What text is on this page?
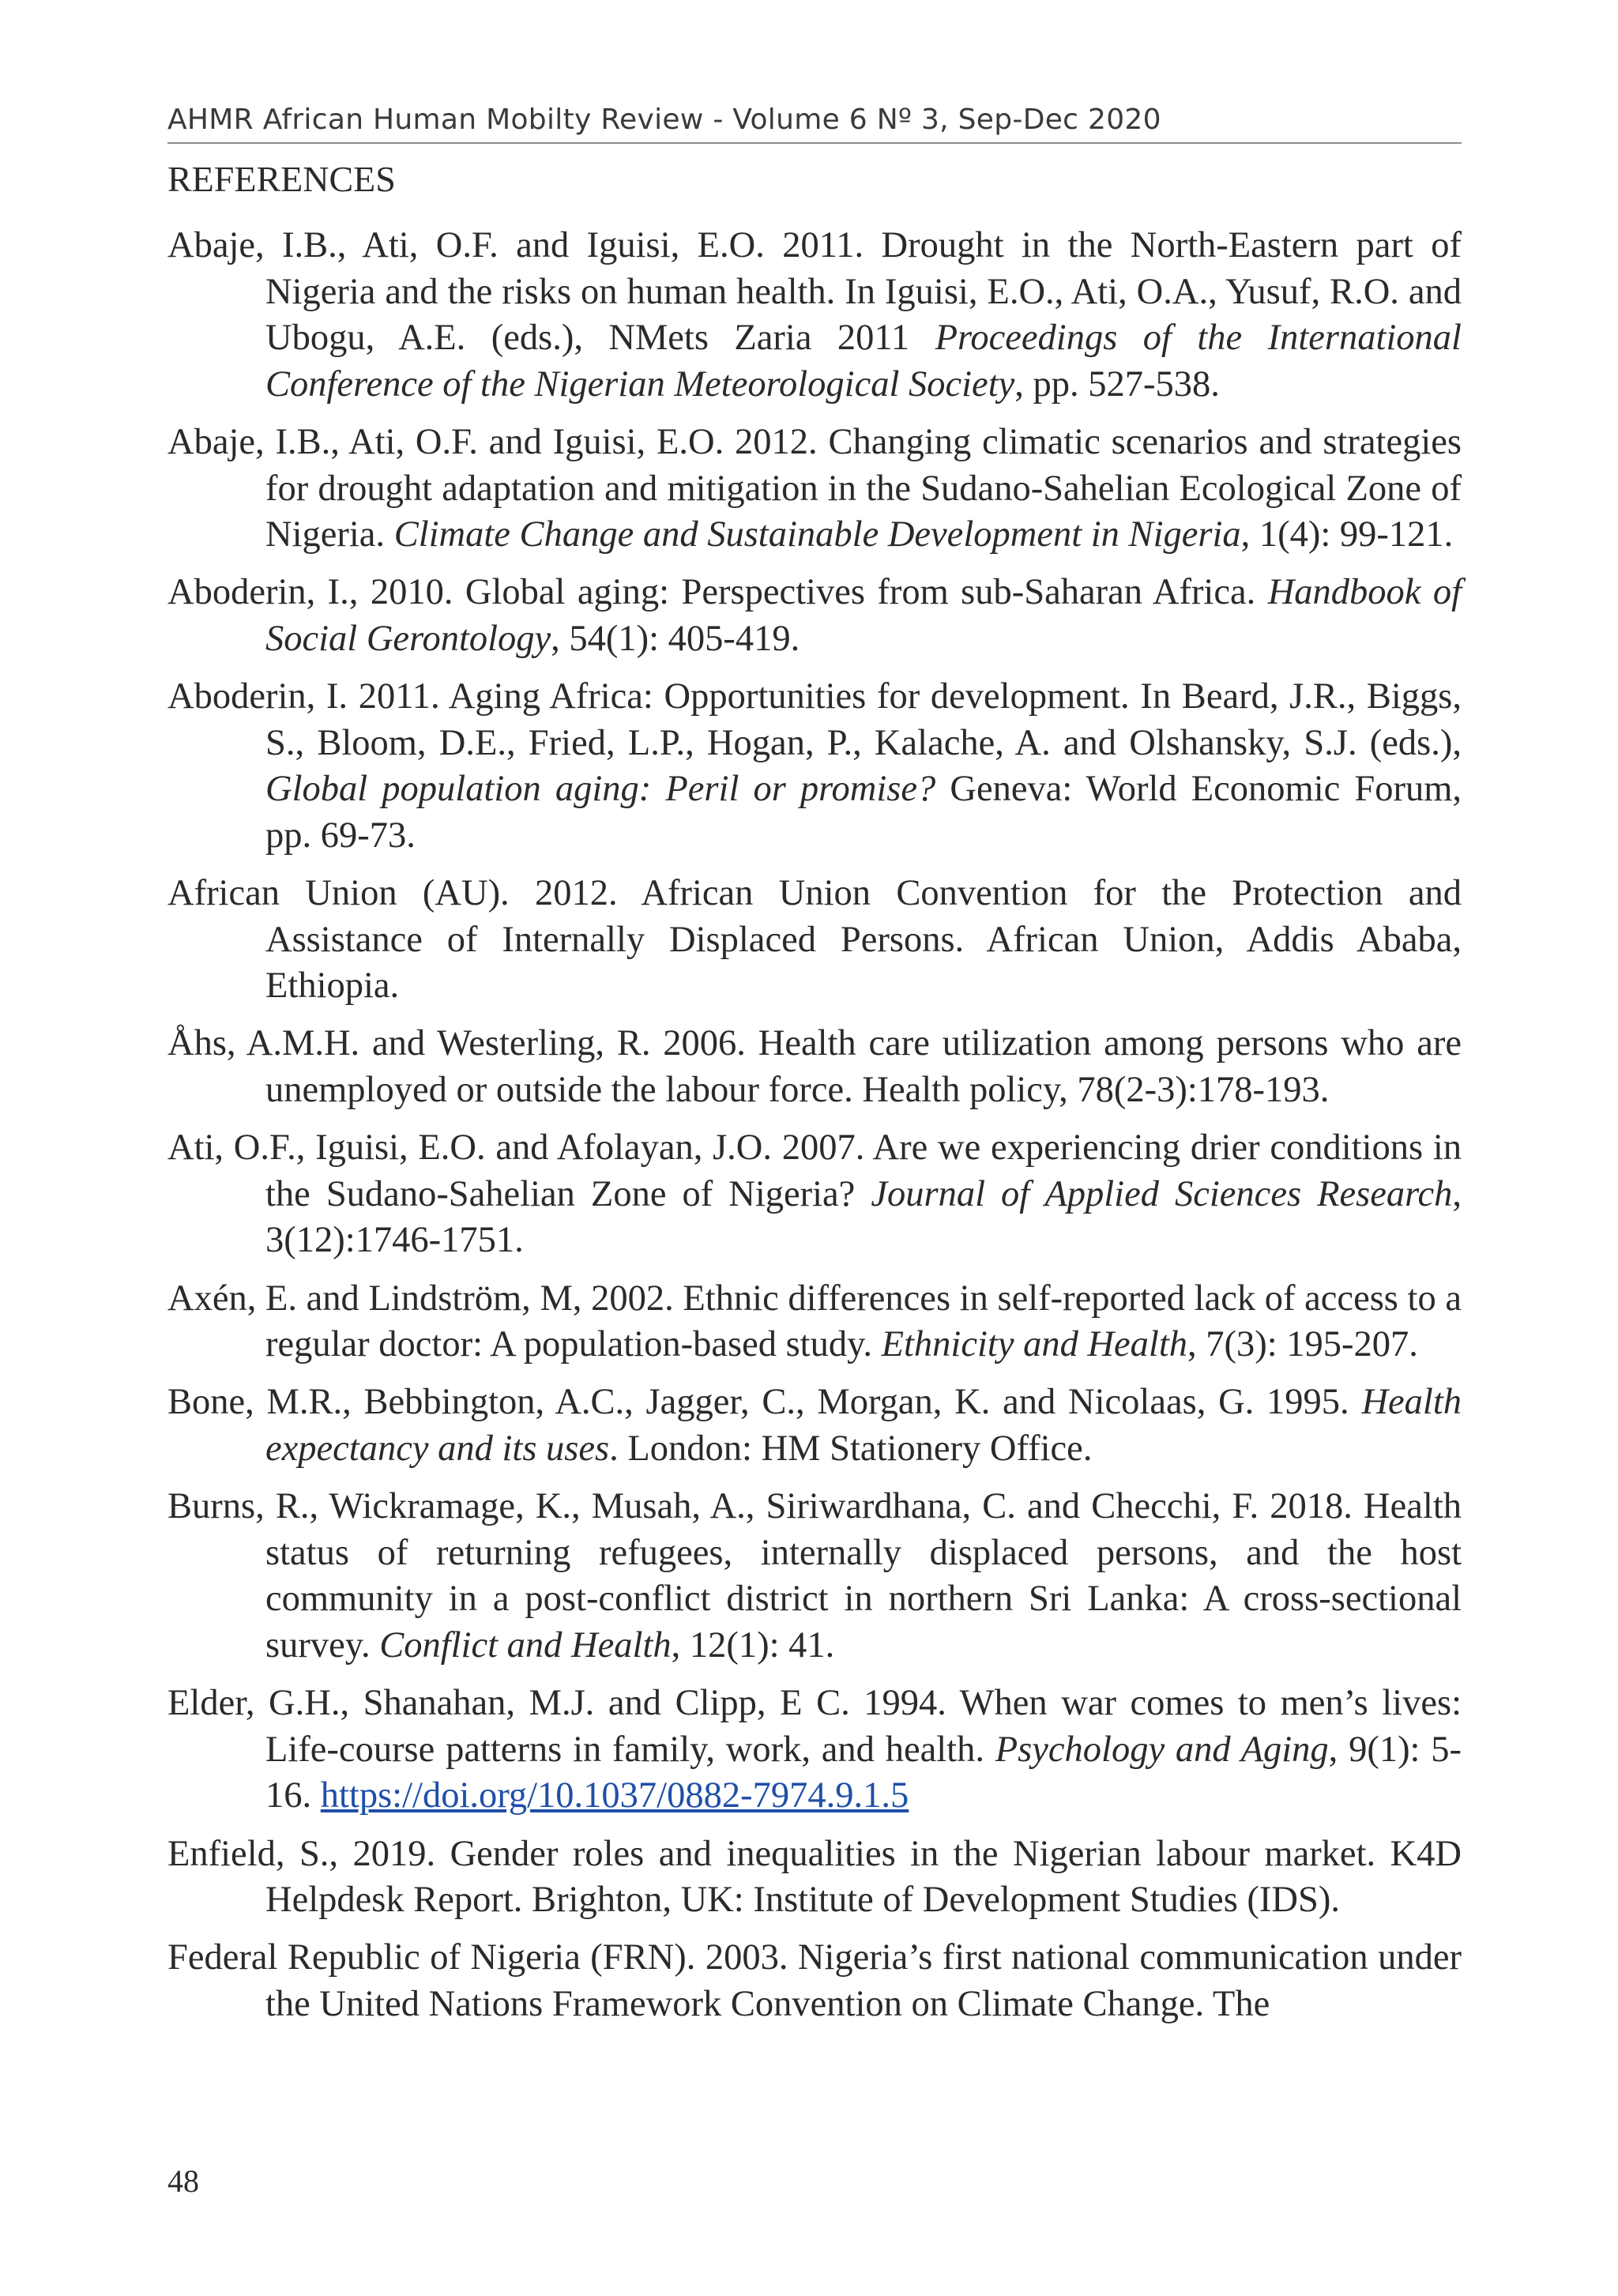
AHMR African Human Mobilty Review - Volume 6 Nº 3, Sep-Dec 2020
REFERENCES

Abaje, I.B., Ati, O.F. and Iguisi, E.O. 2011. Drought in the North-Eastern part of Nigeria and the risks on human health. In Iguisi, E.O., Ati, O.A., Yusuf, R.O. and Ubogu, A.E. (eds.), NMets Zaria 2011 Proceedings of the International Conference of the Nigerian Meteorological Society, pp. 527-538.

Abaje, I.B., Ati, O.F. and Iguisi, E.O. 2012. Changing climatic scenarios and strategies for drought adaptation and mitigation in the Sudano-Sahelian Ecological Zone of Nigeria. Climate Change and Sustainable Development in Nigeria, 1(4): 99-121.

Aboderin, I., 2010. Global aging: Perspectives from sub-Saharan Africa. Handbook of Social Gerontology, 54(1): 405-419.

Aboderin, I. 2011. Aging Africa: Opportunities for development. In Beard, J.R., Biggs, S., Bloom, D.E., Fried, L.P., Hogan, P., Kalache, A. and Olshansky, S.J. (eds.), Global population aging: Peril or promise? Geneva: World Economic Forum, pp. 69-73.

African Union (AU). 2012. African Union Convention for the Protection and Assistance of Internally Displaced Persons. African Union, Addis Ababa, Ethiopia.

Åhs, A.M.H. and Westerling, R. 2006. Health care utilization among persons who are unemployed or outside the labour force. Health policy, 78(2-3):178-193.

Ati, O.F., Iguisi, E.O. and Afolayan, J.O. 2007. Are we experiencing drier conditions in the Sudano-Sahelian Zone of Nigeria? Journal of Applied Sciences Research, 3(12):1746-1751.

Axén, E. and Lindström, M, 2002. Ethnic differences in self-reported lack of access to a regular doctor: A population-based study. Ethnicity and Health, 7(3): 195-207.

Bone, M.R., Bebbington, A.C., Jagger, C., Morgan, K. and Nicolaas, G. 1995. Health expectancy and its uses. London: HM Stationery Office.

Burns, R., Wickramage, K., Musah, A., Siriwardhana, C. and Checchi, F. 2018. Health status of returning refugees, internally displaced persons, and the host community in a post-conflict district in northern Sri Lanka: A cross-sectional survey. Conflict and Health, 12(1): 41.

Elder, G.H., Shanahan, M.J. and Clipp, E C. 1994. When war comes to men’s lives: Life-course patterns in family, work, and health. Psychology and Aging, 9(1): 5-16. https://doi.org/10.1037/0882-7974.9.1.5

Enfield, S., 2019. Gender roles and inequalities in the Nigerian labour market. K4D Helpdesk Report. Brighton, UK: Institute of Development Studies (IDS).

Federal Republic of Nigeria (FRN). 2003. Nigeria’s first national communication under the United Nations Framework Convention on Climate Change. The

48
